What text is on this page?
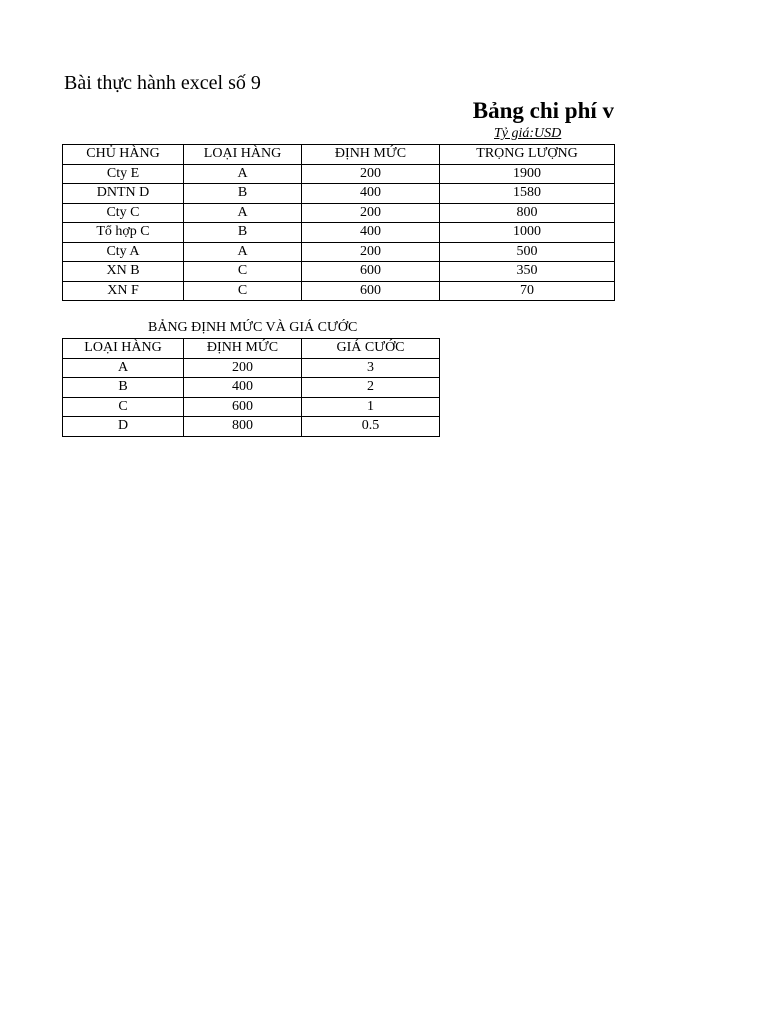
Bài thực hành excel số 9
Bảng chi phí v
Tỷ giá:USD
CHỦ HÀNG	LOẠI HÀNG	ĐỊNH MỨC	TRỌNG LƯỢNG
Cty E	A	200	1900
DNTN D	B	400	1580
Cty C	A	200	800
Tổ hợp C	B	400	1000
Cty A	A	200	500
XN B	C	600	350
XN F	C	600	70
BẢNG ĐỊNH MỨC VÀ GIÁ CƯỚC
LOẠI HÀNG	ĐỊNH MỨC	GIÁ CƯỚC
A	200	3
B	400	2
C	600	1
D	800	0.5
